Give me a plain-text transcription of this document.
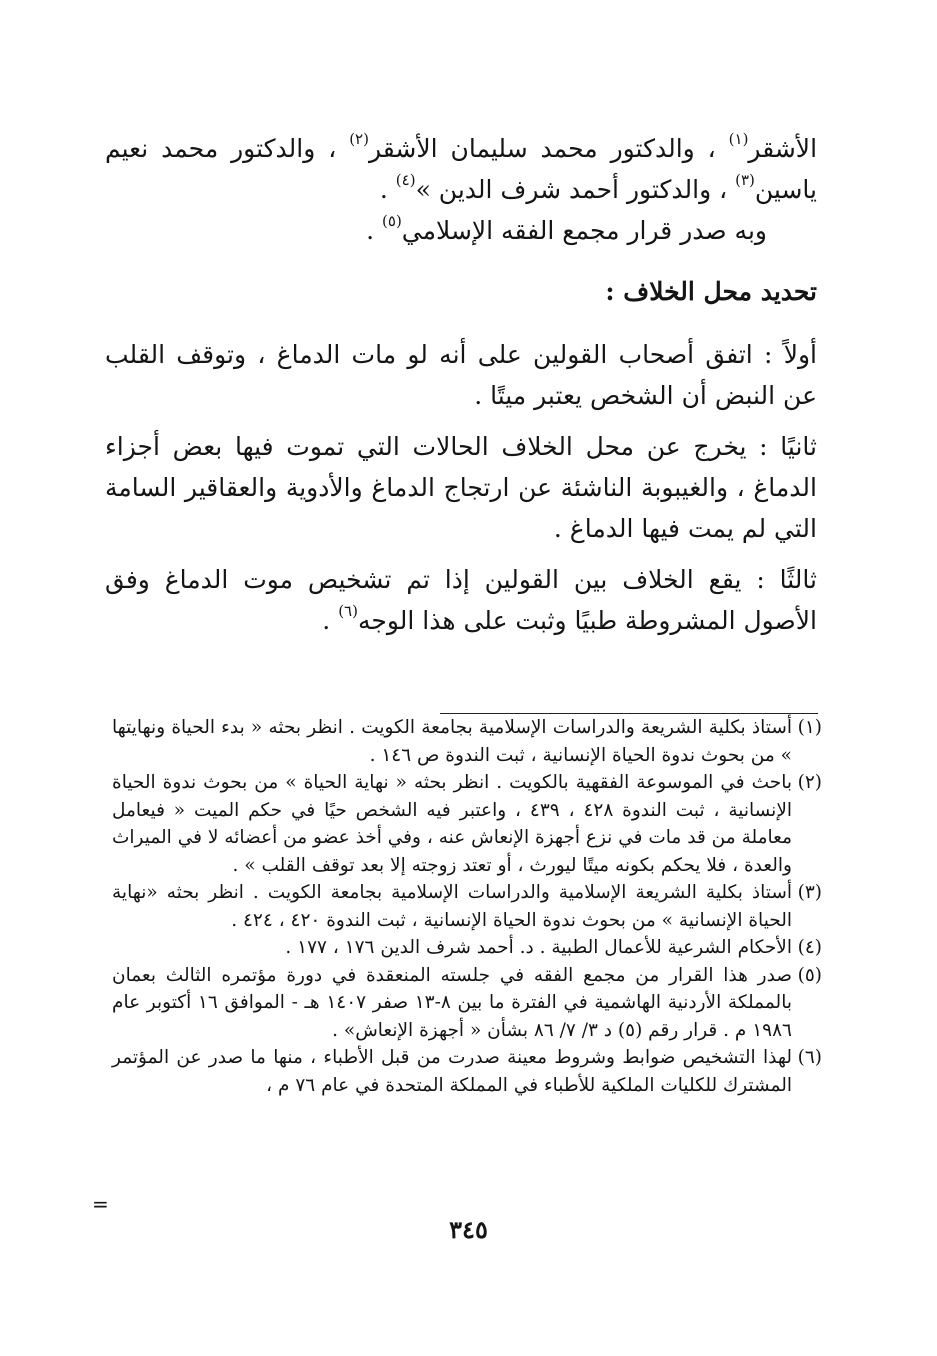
الأشقر$^{(١)}$ ، والدكتور محمد سليمان الأشقر$^{(٢)}$ ، والدكتور محمد نعيم ياسين$^{(٣)}$ ، والدكتور أحمد شرف الدين »$^{(٤)}$ .

وبه صدر قرار مجمع الفقه الإسلامي$^{(٥)}$ .

تحديد محل الخلاف :

أولاً : اتفق أصحاب القولين على أنه لو مات الدماغ ، وتوقف القلب عن النبض أن الشخص يعتبر ميتًا .

ثانيًا : يخرج عن محل الخلاف الحالات التي تموت فيها بعض أجزاء الدماغ ، والغيبوبة الناشئة عن ارتجاج الدماغ والأدوية والعقاقير السامة التي لم يمت فيها الدماغ .

ثالثًا : يقع الخلاف بين القولين إذا تم تشخيص موت الدماغ وفق الأصول المشروطة طبيًا وثبت على هذا الوجه$^{(٦)}$ .

(١)
أستاذ بكلية الشريعة والدراسات الإسلامية بجامعة الكويت . انظر بحثه « بدء الحياة ونهايتها » من بحوث ندوة الحياة الإنسانية ، ثبت الندوة ص ١٤٦ .

(٢)
باحث في الموسوعة الفقهية بالكويت . انظر بحثه « نهاية الحياة » من بحوث ندوة الحياة الإنسانية ، ثبت الندوة ٤٢٨ ، ٤٣٩ ، واعتبر فيه الشخص حيًا في حكم الميت « فيعامل معاملة من قد مات في نزع أجهزة الإنعاش عنه ، وفي أخذ عضو من أعضائه لا في الميراث والعدة ، فلا يحكم بكونه ميتًا ليورث ، أو تعتد زوجته إلا بعد توقف القلب » .

(٣)
أستاذ بكلية الشريعة الإسلامية والدراسات الإسلامية بجامعة الكويت . انظر بحثه «نهاية الحياة الإنسانية » من بحوث ندوة الحياة الإنسانية ، ثبت الندوة ٤٢٠ ، ٤٢٤ .

(٤)
الأحكام الشرعية للأعمال الطبية . د. أحمد شرف الدين ١٧٦ ، ١٧٧ .

(٥)
صدر هذا القرار من مجمع الفقه في جلسته المنعقدة في دورة مؤتمره الثالث بعمان بالمملكة الأردنية الهاشمية في الفترة ما بين ٨-١٣ صفر ١٤٠٧ هـ - الموافق ١٦ أكتوبر عام ١٩٨٦ م . قرار رقم (٥) د ٣/ ٧/ ٨٦ بشأن « أجهزة الإنعاش» .

(٦)
لهذا التشخيص ضوابط وشروط معينة صدرت من قبل الأطباء ، منها ما صدر عن المؤتمر المشترك للكليات الملكية للأطباء في المملكة المتحدة في عام ٧٦ م ،

=
٣٤٥
